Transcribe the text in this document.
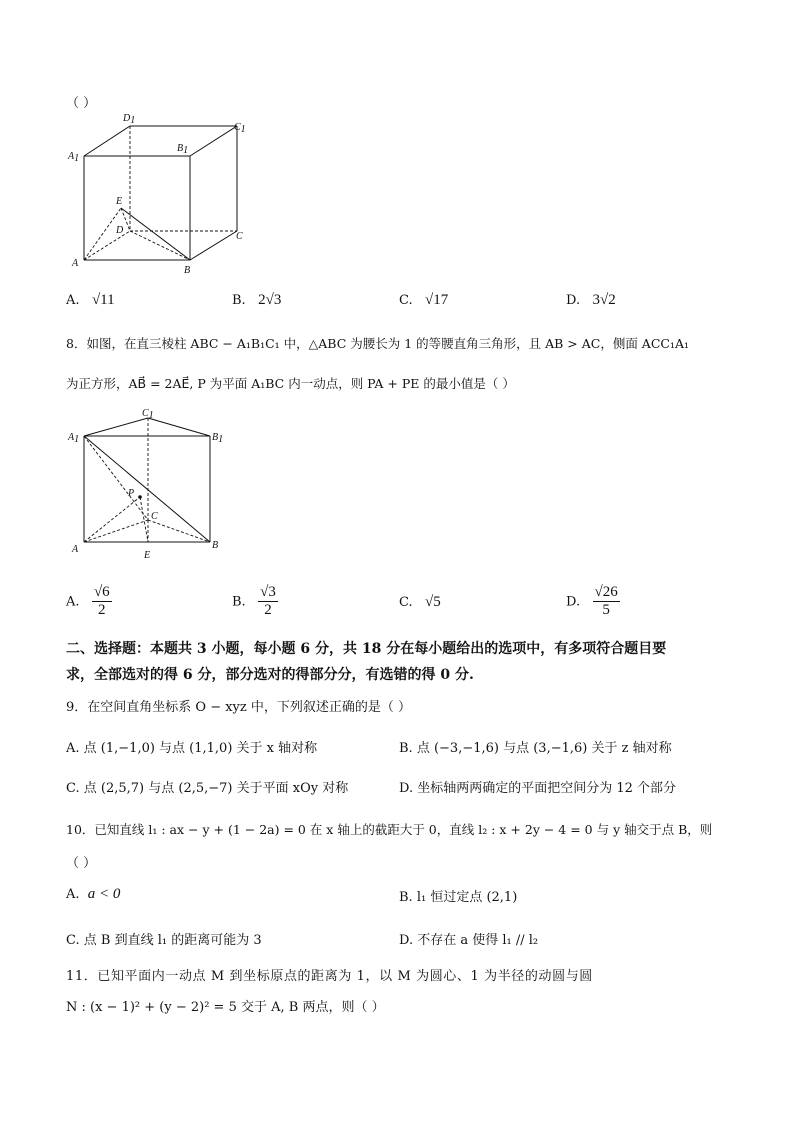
（ ）
D1
C1
A1
B1
E
D
C
A
B
A. √11	B. 2√3	C. √17	D. 3√2
8．如图，在直三棱柱 ABC − A₁B₁C₁ 中，△ABC 为腰长为 1 的等腰直角三角形，且 AB > AC，侧面 ACC₁A₁
为正方形，AB⃗ = 2AE⃗, P 为平面 A₁BC 内一动点，则 PA + PE 的最小值是（ ）
C1
A1	B1
P
C
A
E
B
A. $\frac{√6}{2}$	B. $\frac{√3}{2}$	C. √5	D. $\frac{√26}{5}$
二、选择题：本题共 3 小题，每小题 6 分，共 18 分在每小题给出的选项中，有多项符合题目要
求，全部选对的得 6 分，部分选对的得部分分，有选错的得 0 分.
9．在空间直角坐标系 O − xyz 中，下列叙述正确的是（ ）
A. 点 (1,−1,0) 与点 (1,1,0) 关于 x 轴对称	B. 点 (−3,−1,6) 与点 (3,−1,6) 关于 z 轴对称
C. 点 (2,5,7) 与点 (2,5,−7) 关于平面 xOy 对称	D. 坐标轴两两确定的平面把空间分为 12 个部分
10．已知直线 l₁ : ax − y + (1 − 2a) = 0 在 x 轴上的截距大于 0，直线 l₂ : x + 2y − 4 = 0 与 y 轴交于点 B，则
（ ）
A. a < 0	B. l₁ 恒过定点 (2,1)
C. 点 B 到直线 l₁ 的距离可能为 3	D. 不存在 a 使得 l₁ // l₂
11．已知平面内一动点 M 到坐标原点的距离为 1，以 M 为圆心、1 为半径的动圆与圆
N : (x − 1)² + (y − 2)² = 5 交于 A, B 两点，则（ ）
